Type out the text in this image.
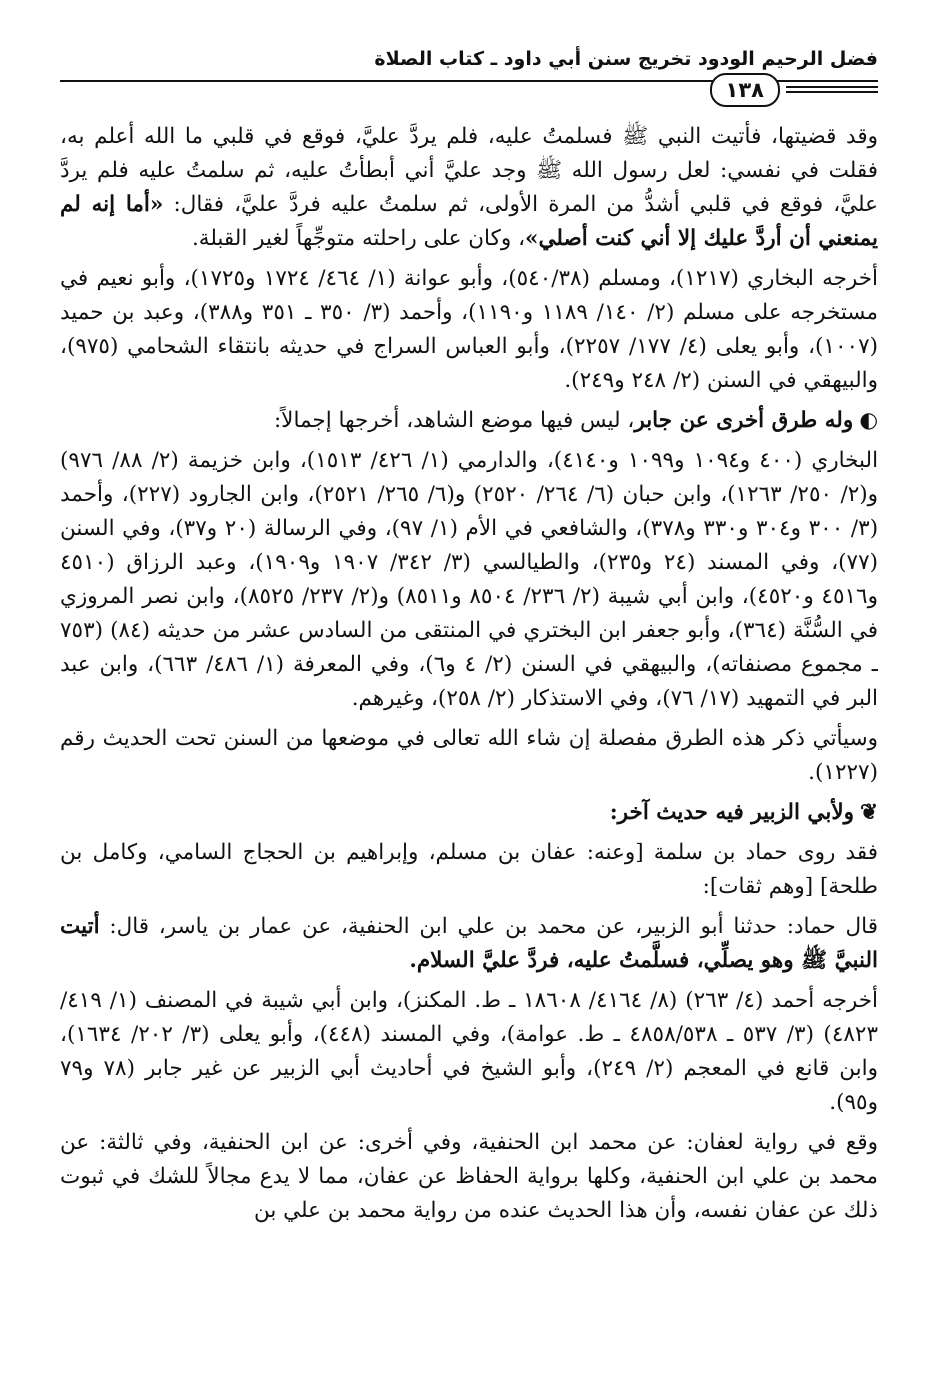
فضل الرحيم الودود تخريج سنن أبي داود ـ كتاب الصلاة
١٣٨

وقد قضيتها، فأتيت النبي ﷺ فسلمتُ عليه، فلم يردَّ عليَّ، فوقع في قلبي ما الله أعلم به، فقلت في نفسي: لعل رسول الله ﷺ وجد عليَّ أني أبطأتُ عليه، ثم سلمتُ عليه فلم يردَّ عليَّ، فوقع في قلبي أشدُّ من المرة الأولى، ثم سلمتُ عليه فردَّ عليَّ، فقال: «أما إنه لم يمنعني أن أردَّ عليك إلا أني كنت أصلي»، وكان على راحلته متوجِّهاً لغير القبلة.

أخرجه البخاري (١٢١٧)، ومسلم (٥٤٠/٣٨)، وأبو عوانة (١/ ٤٦٤/ ١٧٢٤ و١٧٢٥)، وأبو نعيم في مستخرجه على مسلم (٢/ ١٤٠/ ١١٨٩ و١١٩٠)، وأحمد (٣/ ٣٥٠ ـ ٣٥١ و٣٨٨)، وعبد بن حميد (١٠٠٧)، وأبو يعلى (٤/ ١٧٧/ ٢٢٥٧)، وأبو العباس السراج في حديثه بانتقاء الشحامي (٩٧٥)، والبيهقي في السنن (٢/ ٢٤٨ و٢٤٩).

◐وله طرق أخرى عن جابر، ليس فيها موضع الشاهد، أخرجها إجمالاً:

البخاري (٤٠٠ و١٠٩٤ و١٠٩٩ و٤١٤٠)، والدارمي (١/ ٤٢٦/ ١٥١٣)، وابن خزيمة (٢/ ٨٨/ ٩٧٦) و(٢/ ٢٥٠/ ١٢٦٣)، وابن حبان (٦/ ٢٦٤/ ٢٥٢٠) و(٦/ ٢٦٥/ ٢٥٢١)، وابن الجارود (٢٢٧)، وأحمد (٣/ ٣٠٠ و٣٠٤ و٣٣٠ و٣٧٨)، والشافعي في الأم (١/ ٩٧)، وفي الرسالة (٢٠ و٣٧)، وفي السنن (٧٧)، وفي المسند (٢٤ و٢٣٥)، والطيالسي (٣/ ٣٤٢/ ١٩٠٧ و١٩٠٩)، وعبد الرزاق (٤٥١٠ و٤٥١٦ و٤٥٢٠)، وابن أبي شيبة (٢/ ٢٣٦/ ٨٥٠٤ و٨٥١١) و(٢/ ٢٣٧/ ٨٥٢٥)، وابن نصر المروزي في السُّنَّة (٣٦٤)، وأبو جعفر ابن البختري في المنتقى من السادس عشر من حديثه (٨٤) (٧٥٣ ـ مجموع مصنفاته)، والبيهقي في السنن (٢/ ٤ و٦)، وفي المعرفة (١/ ٤٨٦/ ٦٦٣)، وابن عبد البر في التمهيد (١٧/ ٧٦)، وفي الاستذكار (٢/ ٢٥٨)، وغيرهم.

وسيأتي ذكر هذه الطرق مفصلة إن شاء الله تعالى في موضعها من السنن تحت الحديث رقم (١٢٢٧).

❦ولأبي الزبير فيه حديث آخر:

فقد روى حماد بن سلمة [وعنه: عفان بن مسلم، وإبراهيم بن الحجاج السامي، وكامل بن طلحة] [وهم ثقات]:

قال حماد: حدثنا أبو الزبير، عن محمد بن علي ابن الحنفية، عن عمار بن ياسر، قال: أتيت النبيَّ ﷺ وهو يصلِّي، فسلَّمتُ عليه، فردَّ عليَّ السلام.

أخرجه أحمد (٤/ ٢٦٣) (٨/ ٤١٦٤/ ١٨٦٠٨ ـ ط. المكنز)، وابن أبي شيبة في المصنف (١/ ٤١٩/ ٤٨٢٣) (٣/ ٥٣٧ ـ ٤٨٥٨/٥٣٨ ـ ط. عوامة)، وفي المسند (٤٤٨)، وأبو يعلى (٣/ ٢٠٢/ ١٦٣٤)، وابن قانع في المعجم (٢/ ٢٤٩)، وأبو الشيخ في أحاديث أبي الزبير عن غير جابر (٧٨ و٧٩ و٩٥).

وقع في رواية لعفان: عن محمد ابن الحنفية، وفي أخرى: عن ابن الحنفية، وفي ثالثة: عن محمد بن علي ابن الحنفية، وكلها برواية الحفاظ عن عفان، مما لا يدع مجالاً للشك في ثبوت ذلك عن عفان نفسه، وأن هذا الحديث عنده من رواية محمد بن علي بن
